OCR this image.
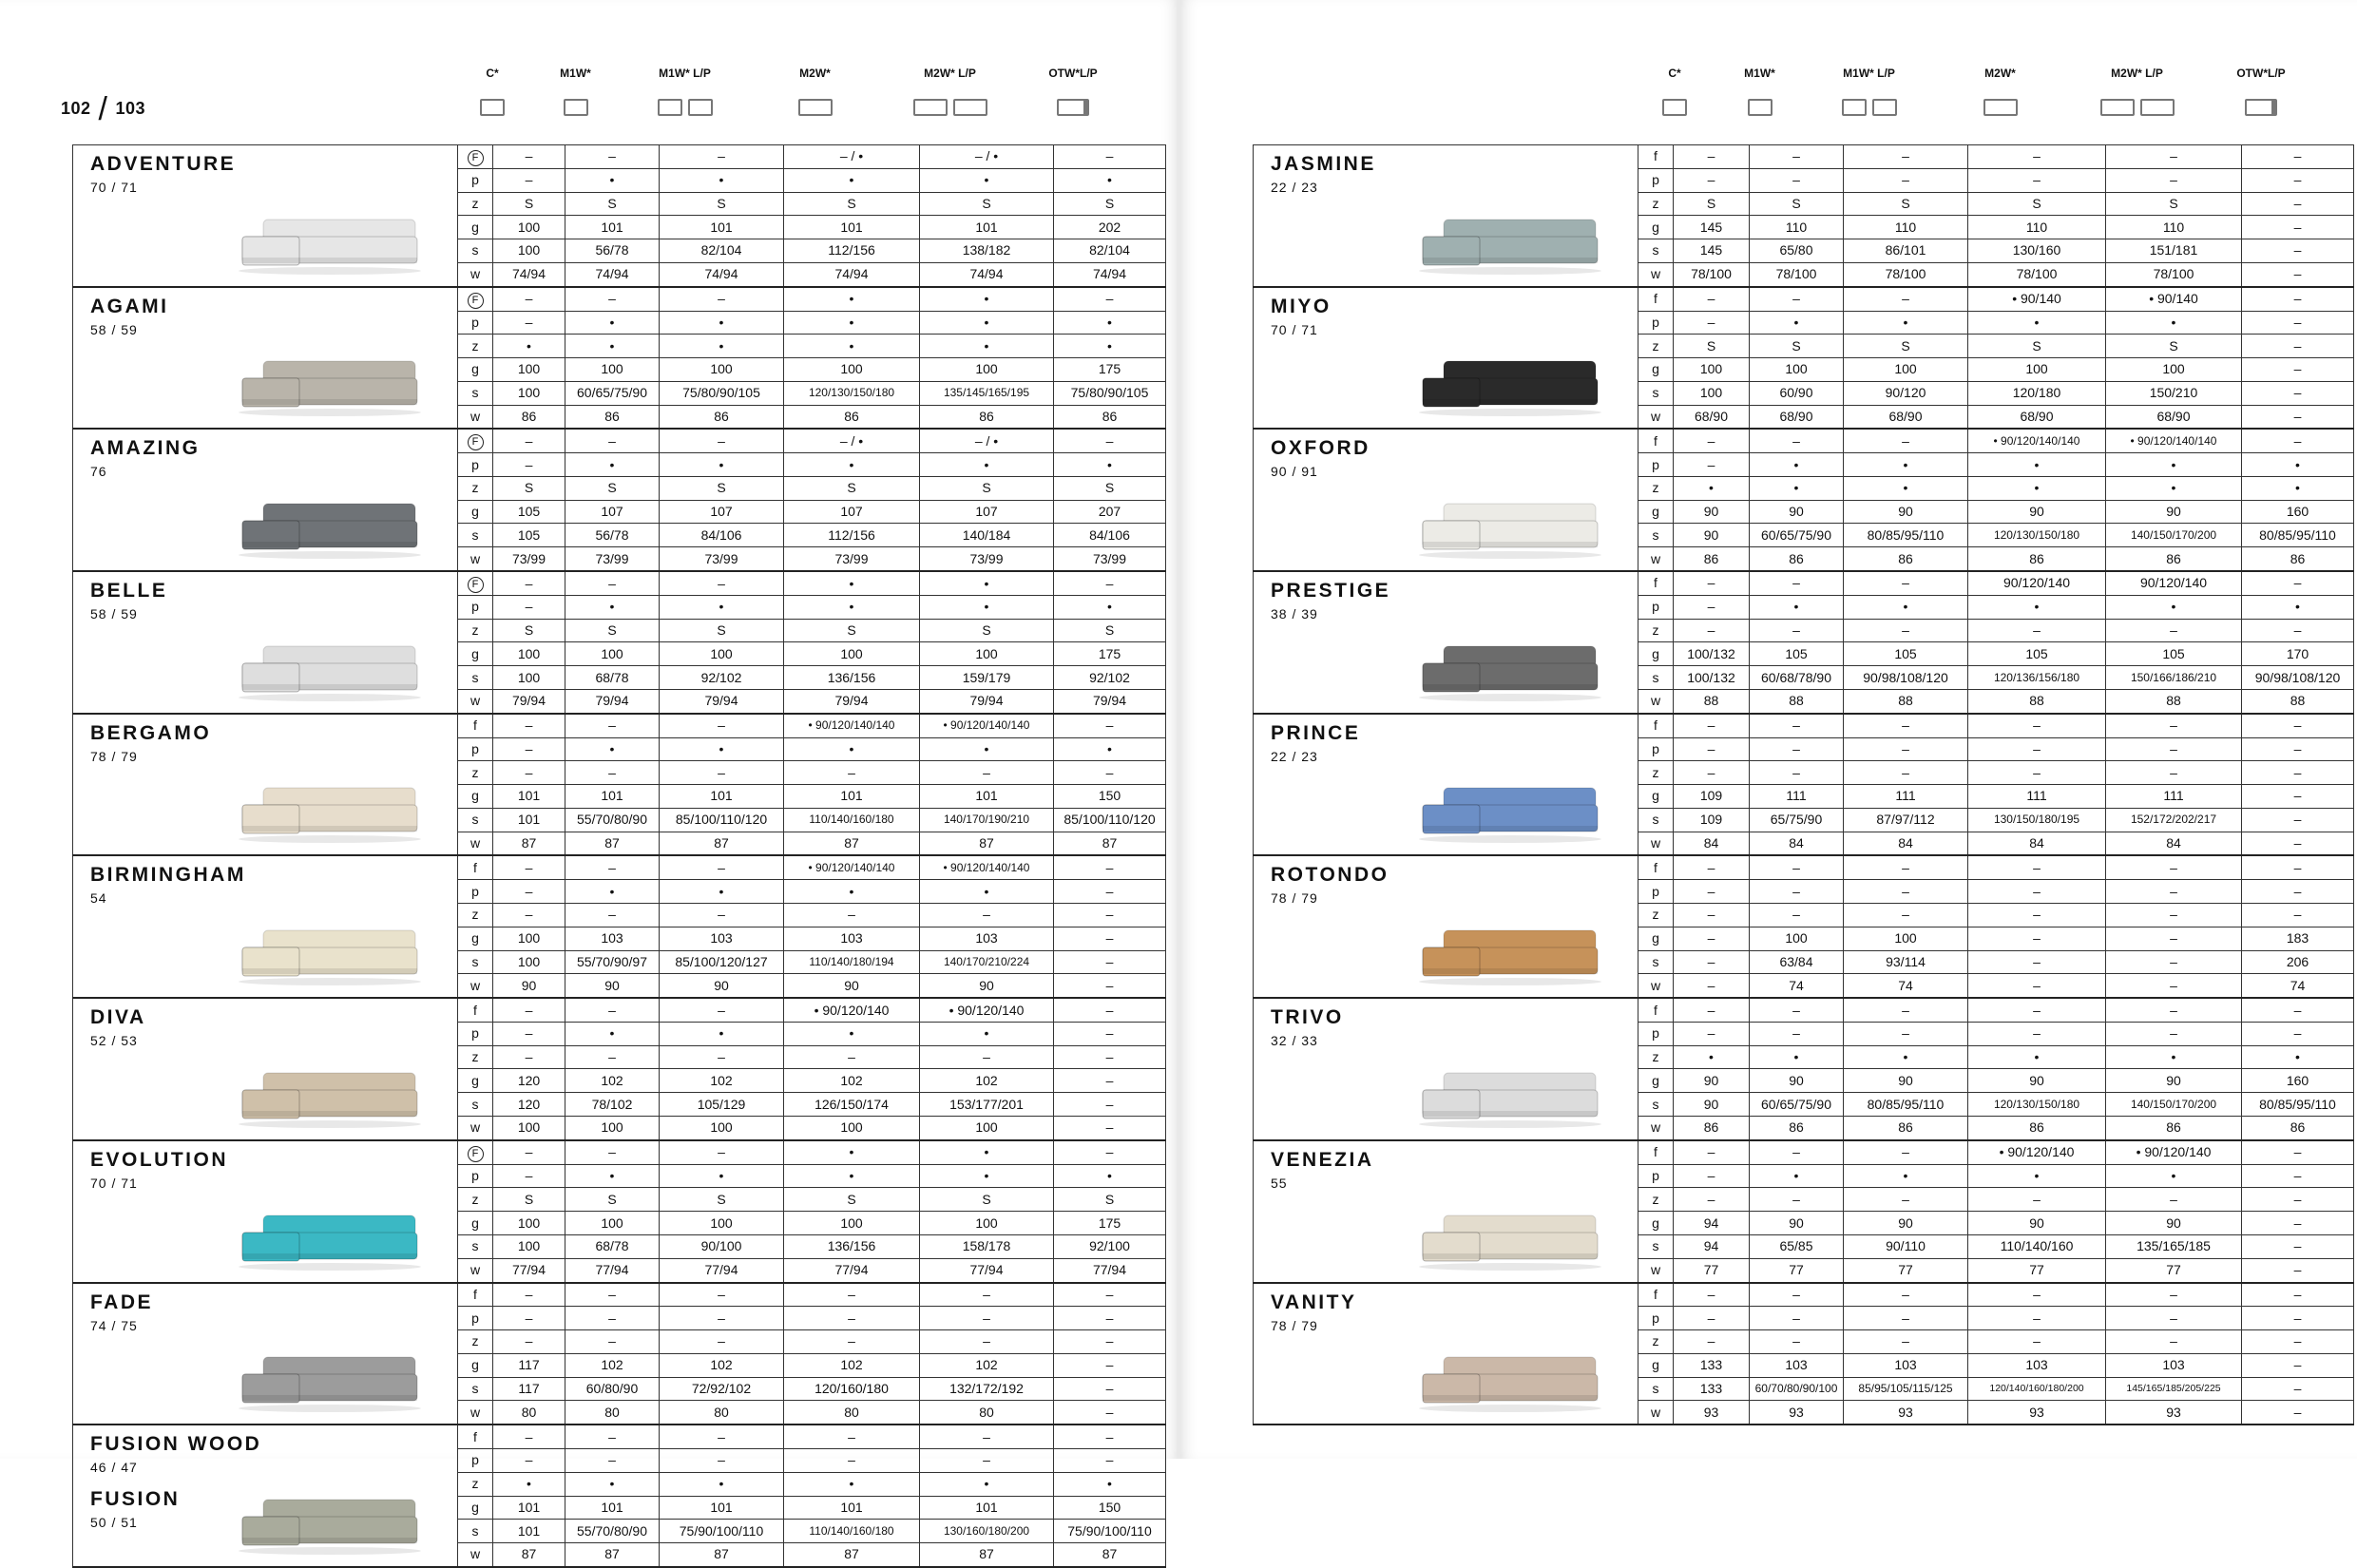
102 / 103
C*	M1W*	M1W* L/P	M2W*	M2W* L/P	OTW*L/P	C*	M1W*	M1W* L/P	M2W*	M2W* L/P	OTW*L/P
ADVENTURE
70 / 71	F	–	–	–	– / •	– / •	–
	p	–	•	•	•	•	•
	z	S	S	S	S	S	S
	g	100	101	101	101	101	202
	s	100	56/78	82/104	112/156	138/182	82/104
	w	74/94	74/94	74/94	74/94	74/94	74/94

AGAMI
58 / 59	F	–	–	–	•	•	–
	p	–	•	•	•	•	•
	z	•	•	•	•	•	•
	g	100	100	100	100	100	175
	s	100	60/65/75/90	75/80/90/105	120/130/150/180	135/145/165/195	75/80/90/105
	w	86	86	86	86	86	86

AMAZING
76	F	–	–	–	– / •	– / •	–
	p	–	•	•	•	•	•
	z	S	S	S	S	S	S
	g	105	107	107	107	107	207
	s	105	56/78	84/106	112/156	140/184	84/106
	w	73/99	73/99	73/99	73/99	73/99	73/99

BELLE
58 / 59	F	–	–	–	•	•	–
	p	–	•	•	•	•	•
	z	S	S	S	S	S	S
	g	100	100	100	100	100	175
	s	100	68/78	92/102	136/156	159/179	92/102
	w	79/94	79/94	79/94	79/94	79/94	79/94

BERGAMO
78 / 79	f	–	–	–	• 90/120/140/140	• 90/120/140/140	–
	p	–	•	•	•	•	•
	z	–	–	–	–	–	–
	g	101	101	101	101	101	150
	s	101	55/70/80/90	85/100/110/120	110/140/160/180	140/170/190/210	85/100/110/120
	w	87	87	87	87	87	87

BIRMINGHAM
54	f	–	–	–	• 90/120/140/140	• 90/120/140/140	–
	p	–	•	•	•	•	–
	z	–	–	–	–	–	–
	g	100	103	103	103	103	–
	s	100	55/70/90/97	85/100/120/127	110/140/180/194	140/170/210/224	–
	w	90	90	90	90	90	–

DIVA
52 / 53	f	–	–	–	• 90/120/140	• 90/120/140	–
	p	–	•	•	•	•	–
	z	–	–	–	–	–	–
	g	120	102	102	102	102	–
	s	120	78/102	105/129	126/150/174	153/177/201	–
	w	100	100	100	100	100	–

EVOLUTION
70 / 71	F	–	–	–	•	•	–
	p	–	•	•	•	•	•
	z	S	S	S	S	S	S
	g	100	100	100	100	100	175
	s	100	68/78	90/100	136/156	158/178	92/100
	w	77/94	77/94	77/94	77/94	77/94	77/94

FADE
74 / 75	f	–	–	–	–	–	–
	p	–	–	–	–	–	–
	z	–	–	–	–	–	–
	g	117	102	102	102	102	–
	s	117	60/80/90	72/92/102	120/160/180	132/172/192	–
	w	80	80	80	80	80	–

FUSION WOOD
46 / 47
FUSION
50 / 51	f	–	–	–	–	–	–
	p	–	–	–	–	–	–
	z	•	•	•	•	•	•
	g	101	101	101	101	101	150
	s	101	55/70/80/90	75/90/100/110	110/140/160/180	130/160/180/200	75/90/100/110
	w	87	87	87	87	87	87
JASMINE
22 / 23	f	–	–	–	–	–	–
	p	–	–	–	–	–	–
	z	S	S	S	S	S	–
	g	145	110	110	110	110	–
	s	145	65/80	86/101	130/160	151/181	–
	w	78/100	78/100	78/100	78/100	78/100	–

MIYO
70 / 71	f	–	–	–	• 90/140	• 90/140	–
	p	–	•	•	•	•	–
	z	S	S	S	S	S	–
	g	100	100	100	100	100	–
	s	100	60/90	90/120	120/180	150/210	–
	w	68/90	68/90	68/90	68/90	68/90	–

OXFORD
90 / 91	f	–	–	–	• 90/120/140/140	• 90/120/140/140	–
	p	–	•	•	•	•	•
	z	•	•	•	•	•	•
	g	90	90	90	90	90	160
	s	90	60/65/75/90	80/85/95/110	120/130/150/180	140/150/170/200	80/85/95/110
	w	86	86	86	86	86	86

PRESTIGE
38 / 39	f	–	–	–	90/120/140	90/120/140	–
	p	–	•	•	•	•	•
	z	–	–	–	–	–	–
	g	100/132	105	105	105	105	170
	s	100/132	60/68/78/90	90/98/108/120	120/136/156/180	150/166/186/210	90/98/108/120
	w	88	88	88	88	88	88

PRINCE
22 / 23	f	–	–	–	–	–	–
	p	–	–	–	–	–	–
	z	–	–	–	–	–	–
	g	109	111	111	111	111	–
	s	109	65/75/90	87/97/112	130/150/180/195	152/172/202/217	–
	w	84	84	84	84	84	–

ROTONDO
78 / 79	f	–	–	–	–	–	–
	p	–	–	–	–	–	–
	z	–	–	–	–	–	–
	g	–	100	100	–	–	183
	s	–	63/84	93/114	–	–	206
	w	–	74	74	–	–	74

TRIVO
32 / 33	f	–	–	–	–	–	–
	p	–	–	–	–	–	–
	z	•	•	•	•	•	•
	g	90	90	90	90	90	160
	s	90	60/65/75/90	80/85/95/110	120/130/150/180	140/150/170/200	80/85/95/110
	w	86	86	86	86	86	86

VENEZIA
55	f	–	–	–	• 90/120/140	• 90/120/140	–
	p	–	•	•	•	•	–
	z	–	–	–	–	–	–
	g	94	90	90	90	90	–
	s	94	65/85	90/110	110/140/160	135/165/185	–
	w	77	77	77	77	77	–

VANITY
78 / 79	f	–	–	–	–	–	–
	p	–	–	–	–	–	–
	z	–	–	–	–	–	–
	g	133	103	103	103	103	–
	s	133	60/70/80/90/100	85/95/105/115/125	120/140/160/180/200	145/165/185/205/225	–
	w	93	93	93	93	93	–
